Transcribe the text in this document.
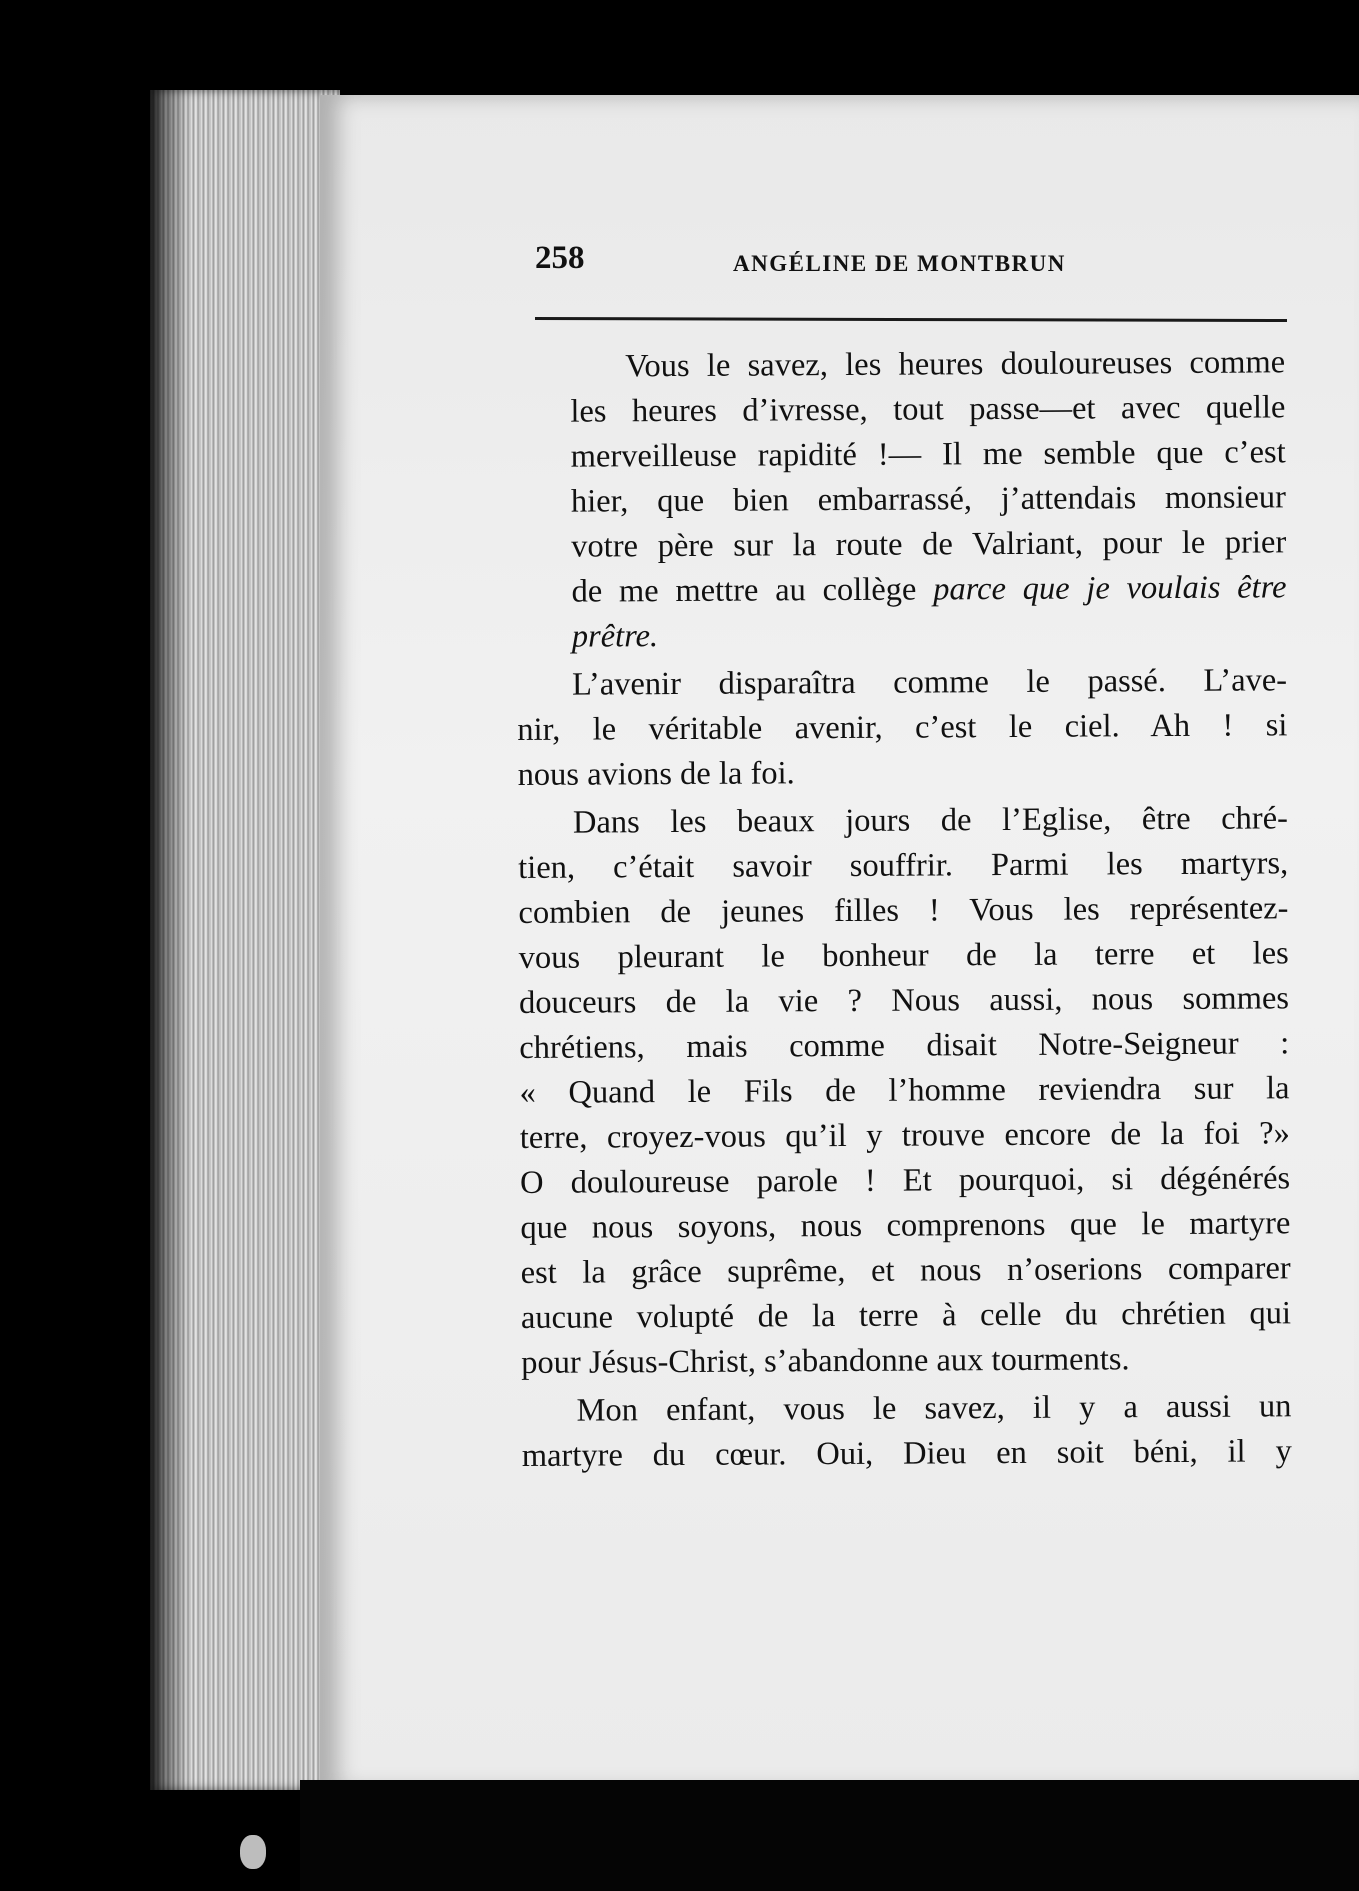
258	ANGÉLINE DE MONTBRUN
Vous le savez, les heures douloureuses comme
les heures d’ivresse, tout passe—et avec quelle
merveilleuse rapidité !— Il me semble que c’est
hier, que bien embarrassé, j’attendais monsieur
votre père sur la route de Valriant, pour le prier
de me mettre au collège parce que je voulais être
prêtre.
L’avenir disparaîtra comme le passé. L’ave-
nir, le véritable avenir, c’est le ciel. Ah ! si
nous avions de la foi.
Dans les beaux jours de l’Eglise, être chré-
tien, c’était savoir souffrir. Parmi les martyrs,
combien de jeunes filles ! Vous les représentez-
vous pleurant le bonheur de la terre et les
douceurs de la vie ? Nous aussi, nous sommes
chrétiens, mais comme disait Notre-Seigneur :
« Quand le Fils de l’homme reviendra sur la
terre, croyez-vous qu’il y trouve encore de la foi ?»
O douloureuse parole ! Et pourquoi, si dégénérés
que nous soyons, nous comprenons que le martyre
est la grâce suprême, et nous n’oserions comparer
aucune volupté de la terre à celle du chrétien qui
pour Jésus-Christ, s’abandonne aux tourments.
Mon enfant, vous le savez, il y a aussi un
martyre du cœur. Oui, Dieu en soit béni, il y
